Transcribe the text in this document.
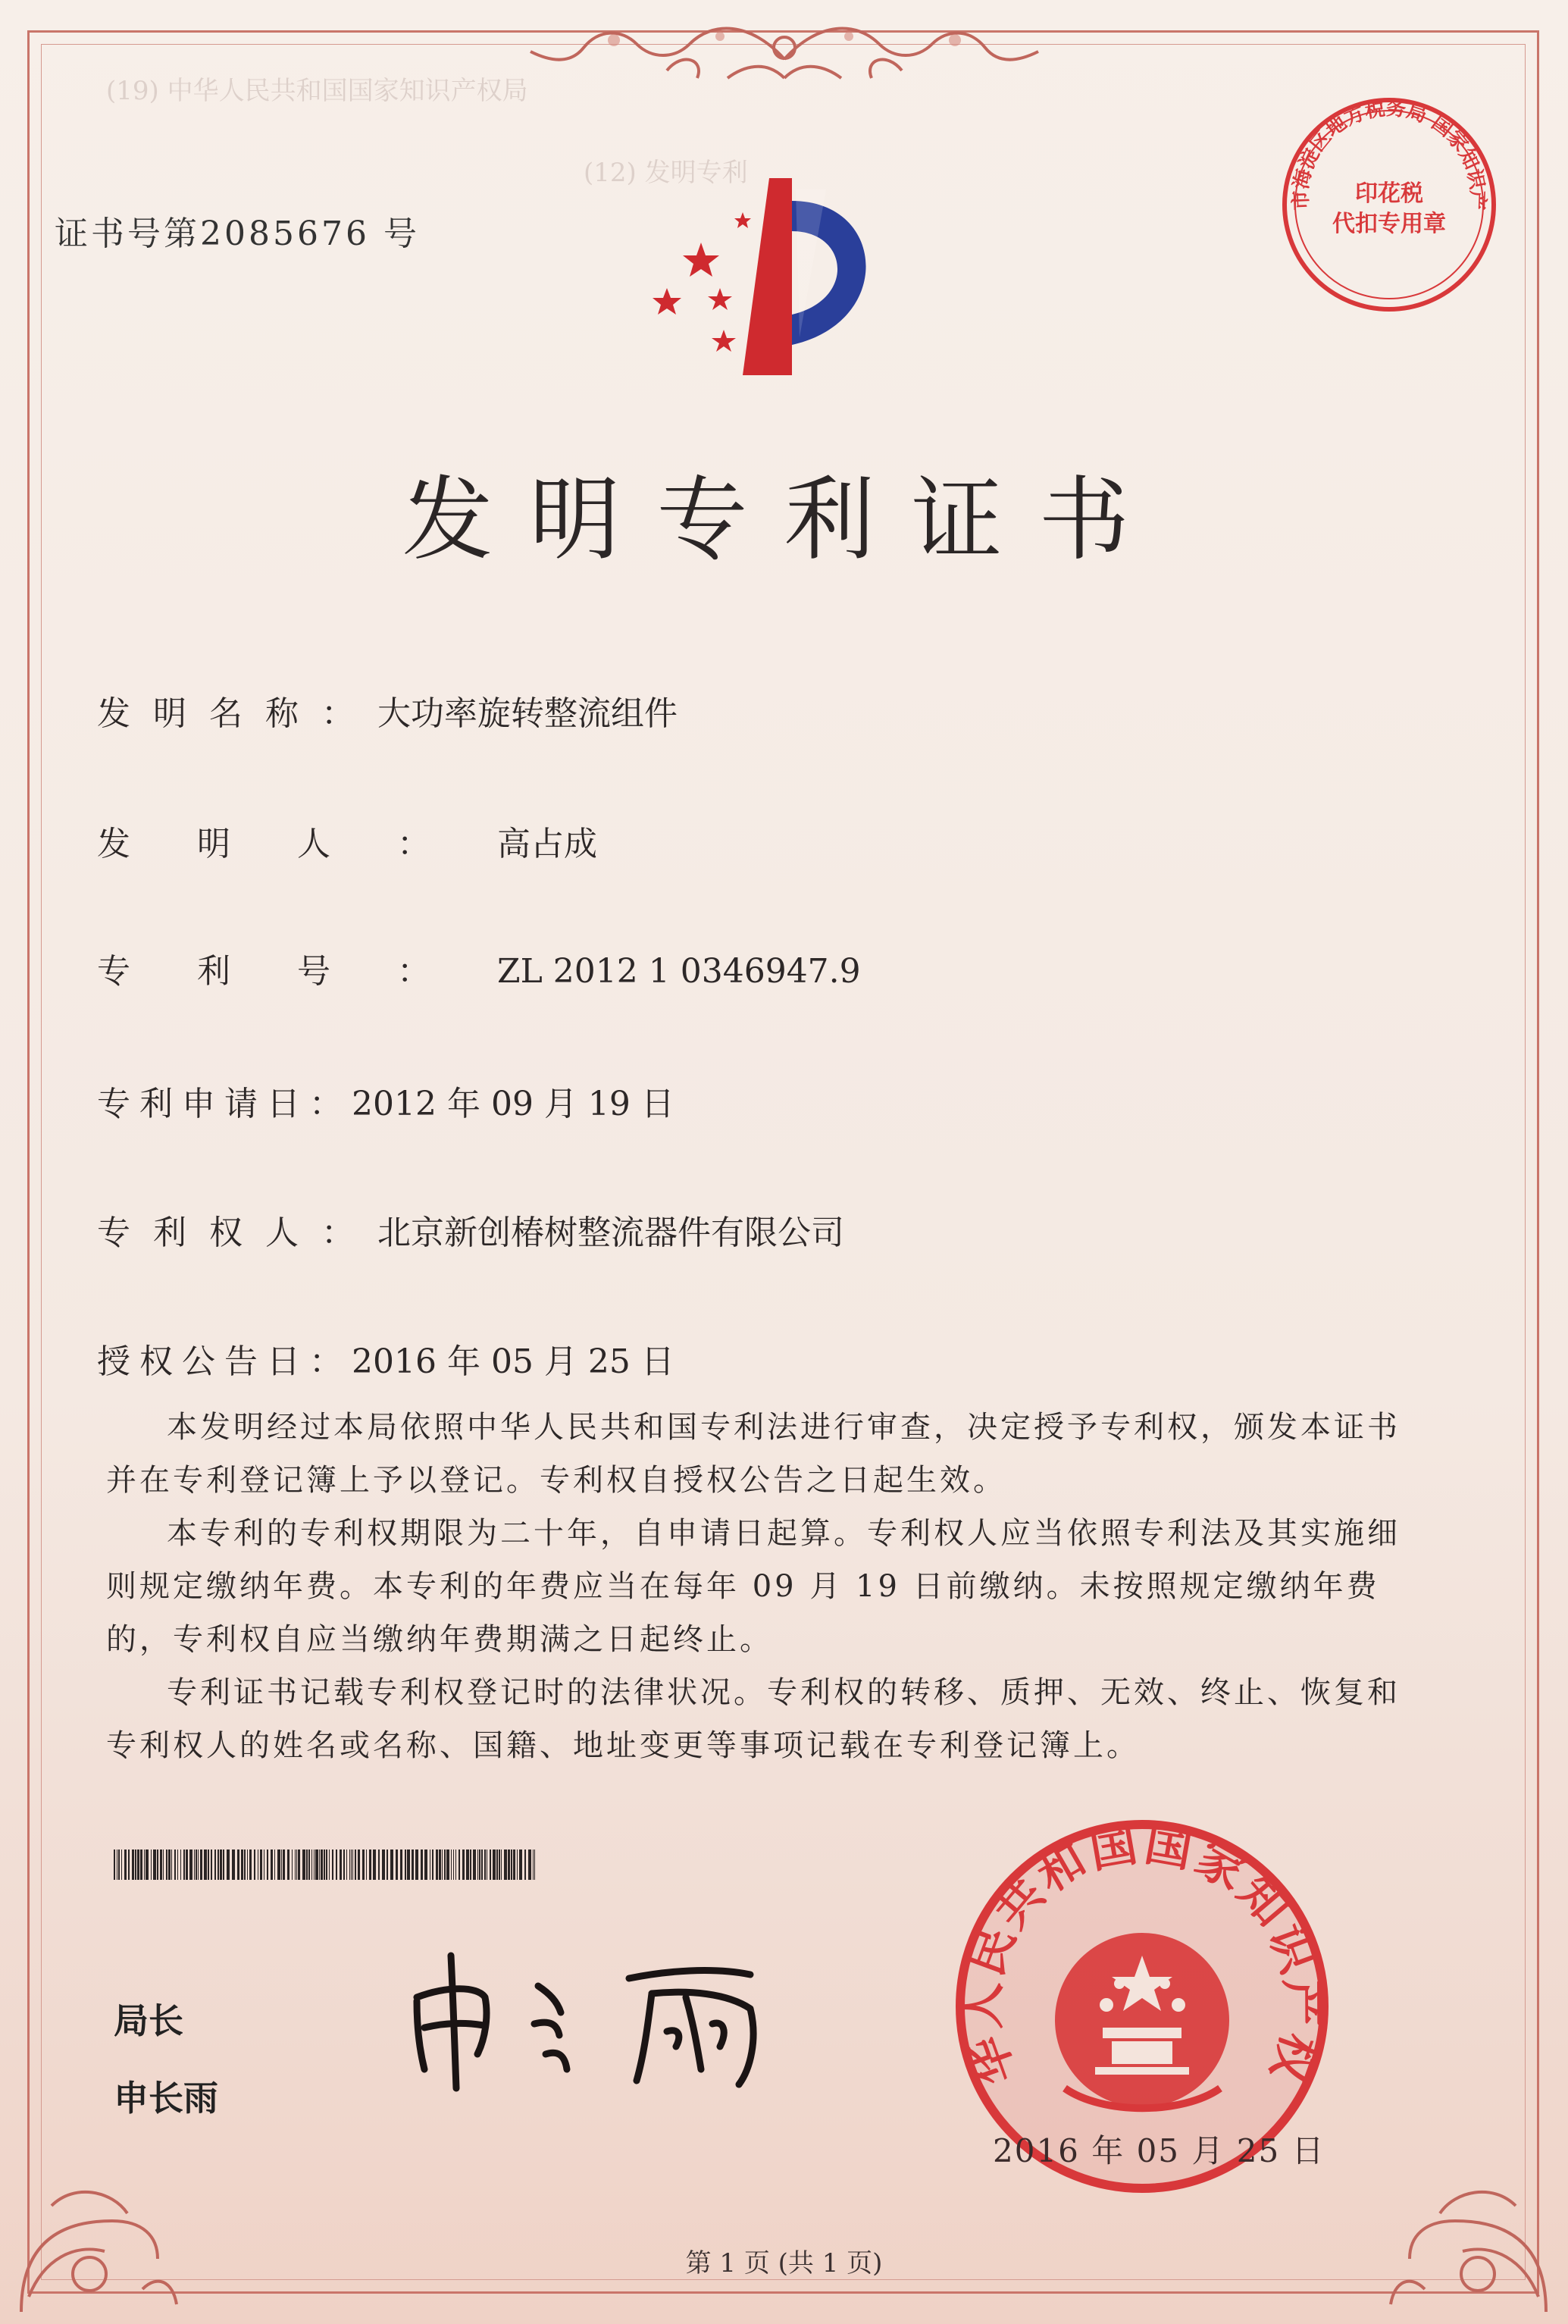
(19) 中华人民共和国国家知识产权局
(12) 发明专利
证书号第2085676 号
发明专利证书
发明名称：大功率旋转整流组件
发明人：高占成
专利号：ZL 2012 1 0346947.9
专利申请日：2012 年 09 月 19 日
专利权人：北京新创椿树整流器件有限公司
授权公告日：2016 年 05 月 25 日
本发明经过本局依照中华人民共和国专利法进行审查，决定授予专利权，颁发本证书并在专利登记簿上予以登记。专利权自授权公告之日起生效。
本专利的专利权期限为二十年，自申请日起算。专利权人应当依照专利法及其实施细则规定缴纳年费。本专利的年费应当在每年 09 月 19 日前缴纳。未按照规定缴纳年费的，专利权自应当缴纳年费期满之日起终止。
专利证书记载专利权登记时的法律状况。专利权的转移、质押、无效、终止、恢复和专利权人的姓名或名称、国籍、地址变更等事项记载在专利登记簿上。
局长
申长雨
华人民共和国国家知识产权
2016 年 05 月 25 日
市海淀区地方税务局 国家知识产
印花税
代扣专用章
第 1 页 (共 1 页)
